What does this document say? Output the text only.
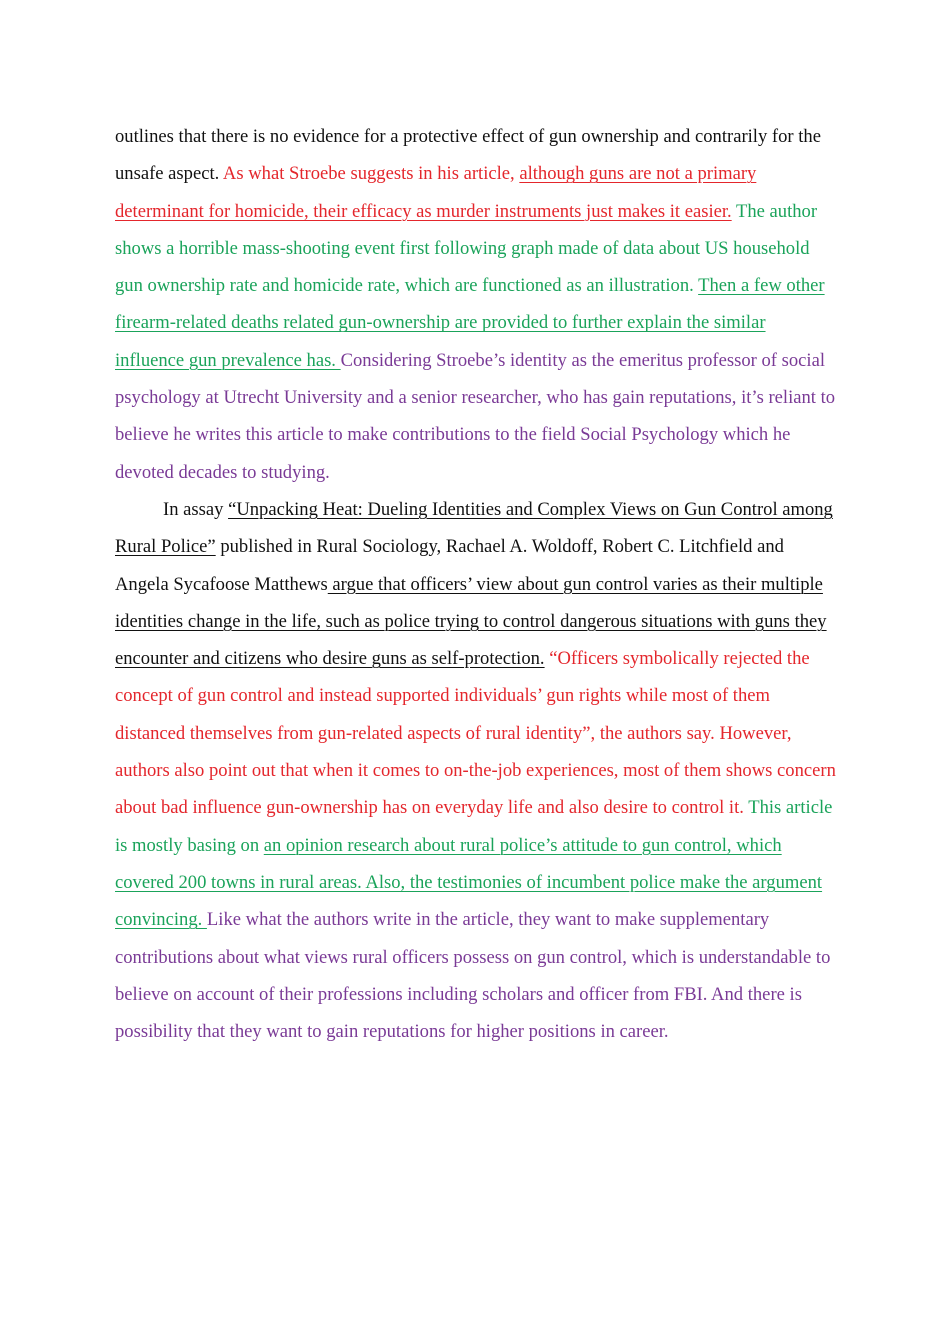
outlines that there is no evidence for a protective effect of gun ownership and contrarily for the unsafe aspect. As what Stroebe suggests in his article, although guns are not a primary determinant for homicide, their efficacy as murder instruments just makes it easier. The author shows a horrible mass-shooting event first following graph made of data about US household gun ownership rate and homicide rate, which are functioned as an illustration. Then a few other firearm-related deaths related gun-ownership are provided to further explain the similar influence gun prevalence has. Considering Stroebe’s identity as the emeritus professor of social psychology at Utrecht University and a senior researcher, who has gain reputations, it’s reliant to believe he writes this article to make contributions to the field Social Psychology which he devoted decades to studying.

In assay “Unpacking Heat: Dueling Identities and Complex Views on Gun Control among Rural Police” published in Rural Sociology, Rachael A. Woldoff, Robert C. Litchfield and Angela Sycafoose Matthews argue that officers’ view about gun control varies as their multiple identities change in the life, such as police trying to control dangerous situations with guns they encounter and citizens who desire guns as self-protection. “Officers symbolically rejected the concept of gun control and instead supported individuals’ gun rights while most of them distanced themselves from gun-related aspects of rural identity”, the authors say. However, authors also point out that when it comes to on-the-job experiences, most of them shows concern about bad influence gun-ownership has on everyday life and also desire to control it. This article is mostly basing on an opinion research about rural police’s attitude to gun control, which covered 200 towns in rural areas. Also, the testimonies of incumbent police make the argument convincing. Like what the authors write in the article, they want to make supplementary contributions about what views rural officers possess on gun control, which is understandable to believe on account of their professions including scholars and officer from FBI. And there is possibility that they want to gain reputations for higher positions in career.
